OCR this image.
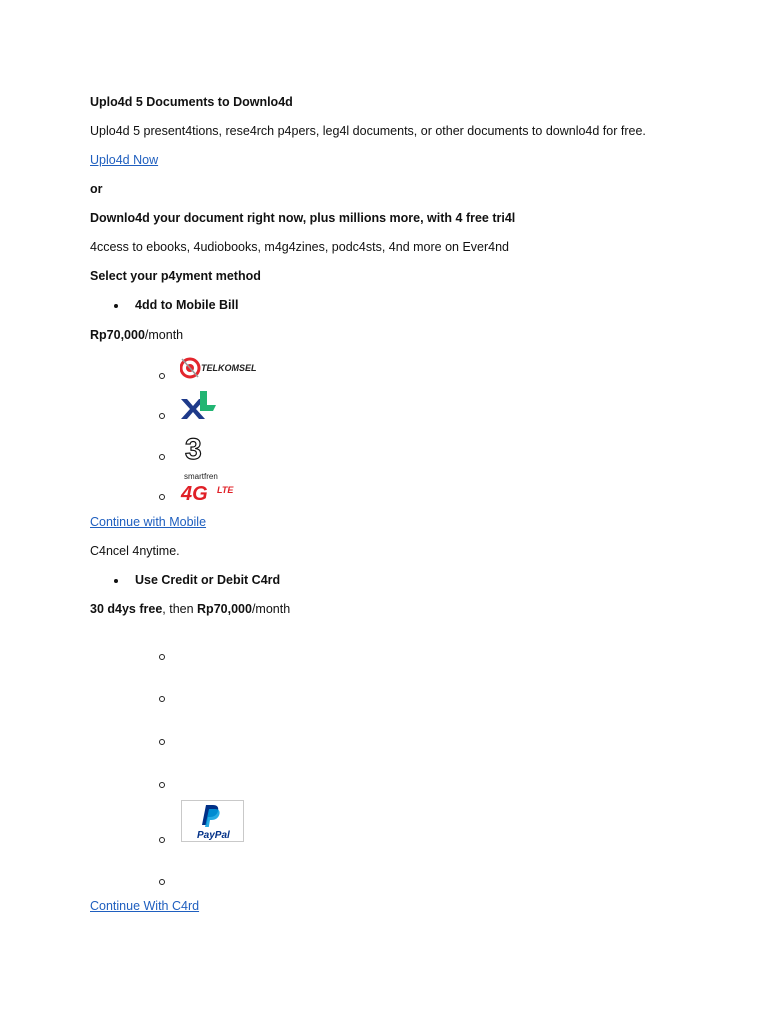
Uplo4d 5 Documents to Downlo4d
Uplo4d 5 present4tions, rese4rch p4pers, leg4l documents, or other documents to downlo4d for free.
Uplo4d Now
or
Downlo4d your document right now, plus millions more, with 4 free tri4l
4ccess to ebooks, 4udiobooks, m4g4zines, podc4sts, 4nd more on Ever4nd
Select your p4yment method
4dd to Mobile Bill
Rp70,000/month
TELKOMSEL
3
smartfren
4G LTE
Continue with Mobile
C4ncel 4nytime.
Use Credit or Debit C4rd
30 d4ys free, then Rp70,000/month
PayPal
Continue With C4rd
